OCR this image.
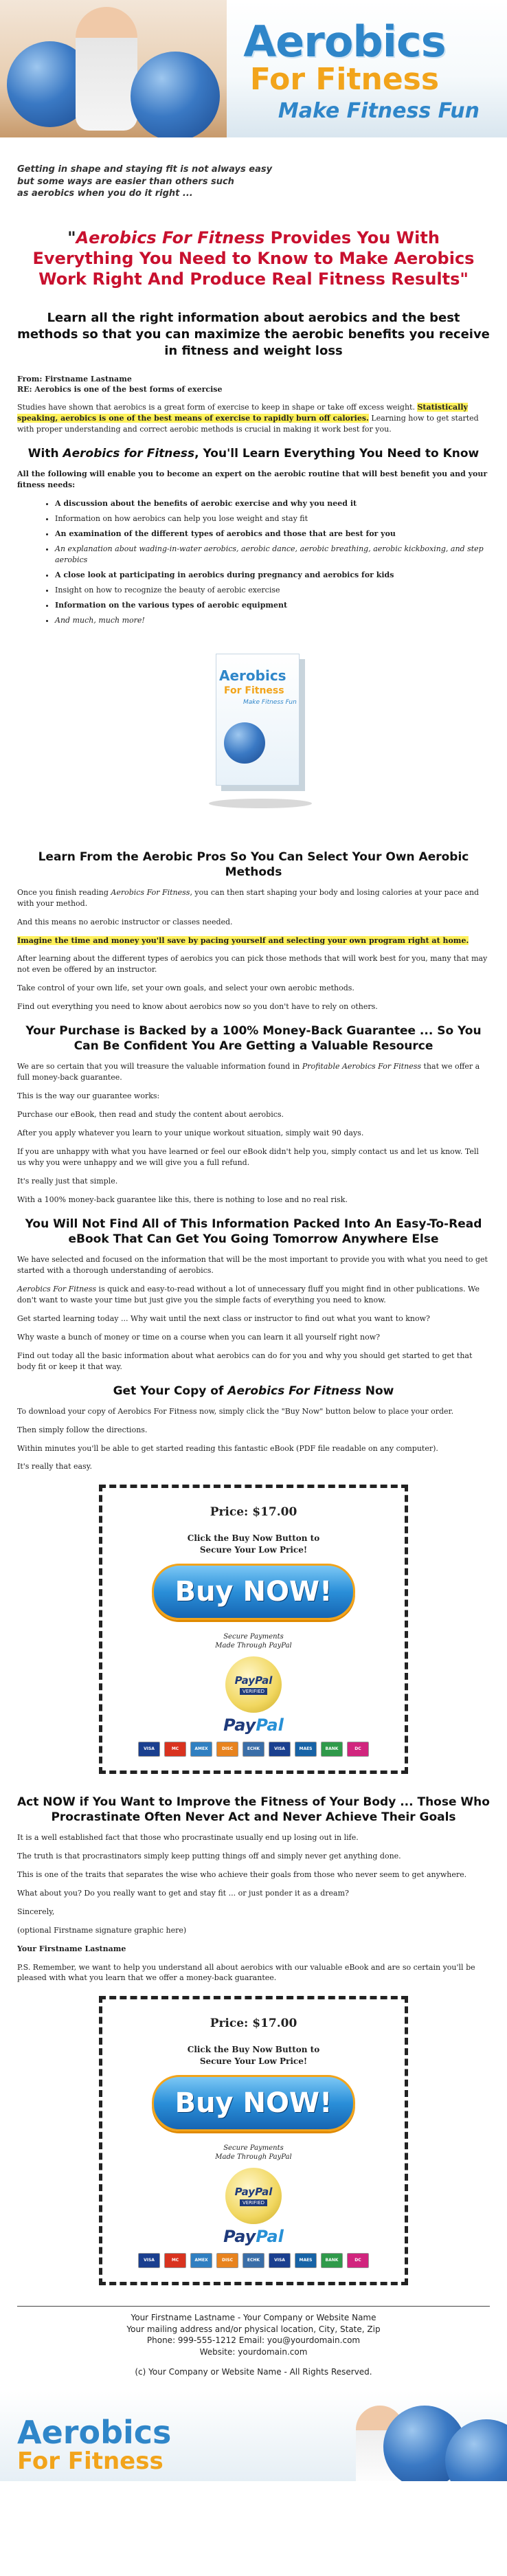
Aerobics
For Fitness
Make Fitness Fun
Getting in shape and staying fit is not always easy
but some ways are easier than others such
as aerobics when you do it right ...
"Aerobics For Fitness Provides You With Everything You Need to Know to Make Aerobics Work Right And Produce Real Fitness Results"
Learn all the right information about aerobics and the best methods so that you can maximize the aerobic benefits you receive in fitness and weight loss
From: Firstname Lastname
RE: Aerobics is one of the best forms of exercise

Studies have shown that aerobics is a great form of exercise to keep in shape or take off excess weight. Statistically speaking, aerobics is one of the best means of exercise to rapidly burn off calories. Learning how to get started with proper understanding and correct aerobic methods is crucial in making it work best for you.

With Aerobics for Fitness, You'll Learn Everything You Need to Know

All the following will enable you to become an expert on the aerobic routine that will best benefit you and your fitness needs:

• A discussion about the benefits of aerobic exercise and why you need it
• Information on how aerobics can help you lose weight and stay fit
• An examination of the different types of aerobics and those that are best for you
• An explanation about wading-in-water aerobics, aerobic dance, aerobic breathing, aerobic kickboxing, and step aerobics
• A close look at participating in aerobics during pregnancy and aerobics for kids
• Insight on how to recognize the beauty of aerobic exercise
• Information on the various types of aerobic equipment
• And much, much more!
Aerobics
For Fitness
Make Fitness Fun
Learn From the Aerobic Pros So You Can Select Your Own Aerobic Methods

Once you finish reading Aerobics For Fitness, you can then start shaping your body and losing calories at your pace and with your method.

And this means no aerobic instructor or classes needed.

Imagine the time and money you'll save by pacing yourself and selecting your own program right at home.

After learning about the different types of aerobics you can pick those methods that will work best for you, many that may not even be offered by an instructor.

Take control of your own life, set your own goals, and select your own aerobic methods.

Find out everything you need to know about aerobics now so you don't have to rely on others.

Your Purchase is Backed by a 100% Money-Back Guarantee ... So You Can Be Confident You Are Getting a Valuable Resource

We are so certain that you will treasure the valuable information found in Profitable Aerobics For Fitness that we offer a full money-back guarantee.

This is the way our guarantee works:

Purchase our eBook, then read and study the content about aerobics.

After you apply whatever you learn to your unique workout situation, simply wait 90 days.

If you are unhappy with what you have learned or feel our eBook didn't help you, simply contact us and let us know. Tell us why you were unhappy and we will give you a full refund.

It's really just that simple.

With a 100% money-back guarantee like this, there is nothing to lose and no real risk.

You Will Not Find All of This Information Packed Into An Easy-To-Read eBook That Can Get You Going Tomorrow Anywhere Else

We have selected and focused on the information that will be the most important to provide you with what you need to get started with a thorough understanding of aerobics.

Aerobics For Fitness is quick and easy-to-read without a lot of unnecessary fluff you might find in other publications. We don't want to waste your time but just give you the simple facts of everything you need to know.

Get started learning today ... Why wait until the next class or instructor to find out what you want to know?

Why waste a bunch of money or time on a course when you can learn it all yourself right now?

Find out today all the basic information about what aerobics can do for you and why you should get started to get that body fit or keep it that way.

Get Your Copy of Aerobics For Fitness Now

To download your copy of Aerobics For Fitness now, simply click the "Buy Now" button below to place your order.

Then simply follow the directions.

Within minutes you'll be able to get started reading this fantastic eBook (PDF file readable on any computer).

It's really that easy.

Price: $17.00
Click the Buy Now Button to
Secure Your Low Price!
Buy NOW!
Secure Payments
Made Through PayPal
PayPal
VERIFIED
PayPal
VISA	MC	AMEX	DISC	ECHK	VISA	MAES	BANK	DC
Act NOW if You Want to Improve the Fitness of Your Body ... Those Who Procrastinate Often Never Act and Never Achieve Their Goals

It is a well established fact that those who procrastinate usually end up losing out in life.

The truth is that procrastinators simply keep putting things off and simply never get anything done.

This is one of the traits that separates the wise who achieve their goals from those who never seem to get anywhere.

What about you? Do you really want to get and stay fit ... or just ponder it as a dream?

Sincerely,

(optional Firstname signature graphic here)

Your Firstname Lastname

P.S. Remember, we want to help you understand all about aerobics with our valuable eBook and are so certain you'll be pleased with what you learn that we offer a money-back guarantee.

Price: $17.00
Click the Buy Now Button to
Secure Your Low Price!
Buy NOW!
Secure Payments
Made Through PayPal
PayPal
VERIFIED
PayPal
VISA	MC	AMEX	DISC	ECHK	VISA	MAES	BANK	DC
Your Firstname Lastname - Your Company or Website Name
Your mailing address and/or physical location, City, State, Zip
Phone: 999-555-1212 Email: you@yourdomain.com
Website: yourdomain.com
(c) Your Company or Website Name - All Rights Reserved.
Aerobics
For Fitness
